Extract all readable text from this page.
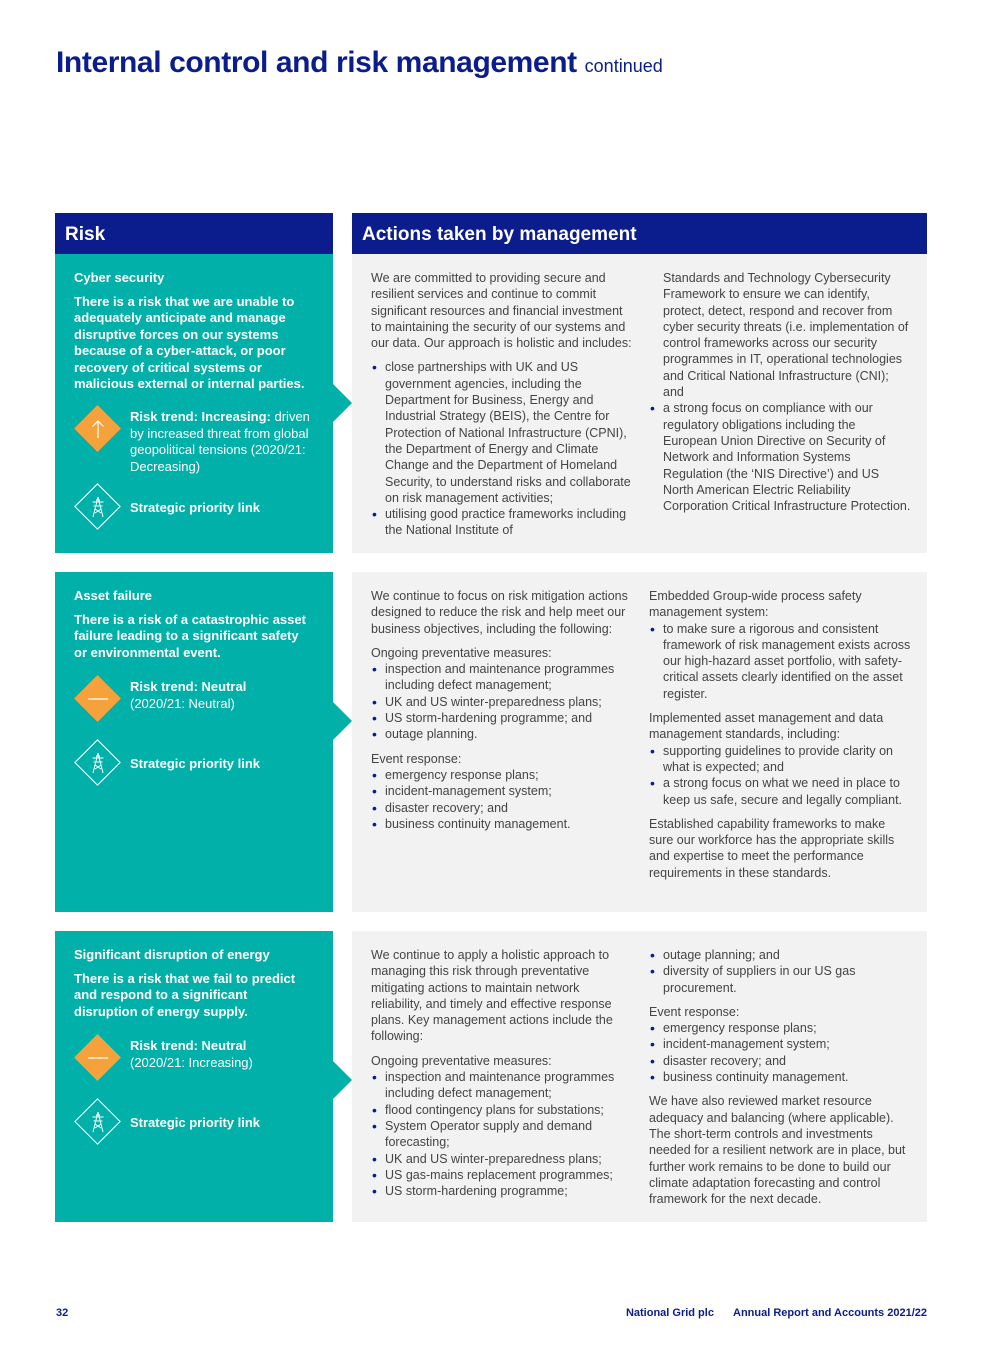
Internal control and risk management continued
Risk	Actions taken by management
Cyber security
There is a risk that we are unable to adequately anticipate and manage disruptive forces on our systems because of a cyber-attack, or poor recovery of critical systems or malicious external or internal parties.
Risk trend: Increasing: driven by increased threat from global geopolitical tensions (2020/21: Decreasing)
Strategic priority link

We are committed to providing secure and resilient services and continue to commit significant resources and financial investment to maintaining the security of our systems and our data. Our approach is holistic and includes:

• close partnerships with UK and US government agencies, including the Department for Business, Energy and Industrial Strategy (BEIS), the Centre for Protection of National Infrastructure (CPNI), the Department of Energy and Climate Change and the Department of Homeland Security, to understand risks and collaborate on risk management activities;
• utilising good practice frameworks including the National Institute of

Standards and Technology Cybersecurity Framework to ensure we can identify, protect, detect, respond and recover from cyber security threats (i.e. implementation of control frameworks across our security programmes in IT, operational technologies and Critical National Infrastructure (CNI); and

• a strong focus on compliance with our regulatory obligations including the European Union Directive on Security of Network and Information Systems Regulation (the ‘NIS Directive’) and US North American Electric Reliability Corporation Critical Infrastructure Protection.
Asset failure
There is a risk of a catastrophic asset failure leading to a significant safety or environmental event.
Risk trend: Neutral
(2020/21: Neutral)
Strategic priority link

We continue to focus on risk mitigation actions designed to reduce the risk and help meet our business objectives, including the following:

Ongoing preventative measures:
• inspection and maintenance programmes including defect management;
• UK and US winter-preparedness plans;
• US storm-hardening programme; and
• outage planning.
Event response:
• emergency response plans;
• incident-management system;
• disaster recovery; and
• business continuity management.
Embedded Group-wide process safety management system:
• to make sure a rigorous and consistent framework of risk management exists across our high-hazard asset portfolio, with safety-critical assets clearly identified on the asset register.
Implemented asset management and data management standards, including:
• supporting guidelines to provide clarity on what is expected; and
• a strong focus on what we need in place to keep us safe, secure and legally compliant.

Established capability frameworks to make sure our workforce has the appropriate skills and expertise to meet the performance requirements in these standards.

Significant disruption of energy
There is a risk that we fail to predict and respond to a significant disruption of energy supply.
Risk trend: Neutral
(2020/21: Increasing)
Strategic priority link

We continue to apply a holistic approach to managing this risk through preventative mitigating actions to maintain network reliability, and timely and effective response plans. Key management actions include the following:

Ongoing preventative measures:
• inspection and maintenance programmes including defect management;
• flood contingency plans for substations;
• System Operator supply and demand forecasting;
• UK and US winter-preparedness plans;
• US gas-mains replacement programmes;
• US storm-hardening programme;
• outage planning; and
• diversity of suppliers in our US gas procurement.
Event response:
• emergency response plans;
• incident-management system;
• disaster recovery; and
• business continuity management.

We have also reviewed market resource adequacy and balancing (where applicable). The short-term controls and investments needed for a resilient network are in place, but further work remains to be done to build our climate adaptation forecasting and control framework for the next decade.

32	National Grid plc Annual Report and Accounts 2021/22
